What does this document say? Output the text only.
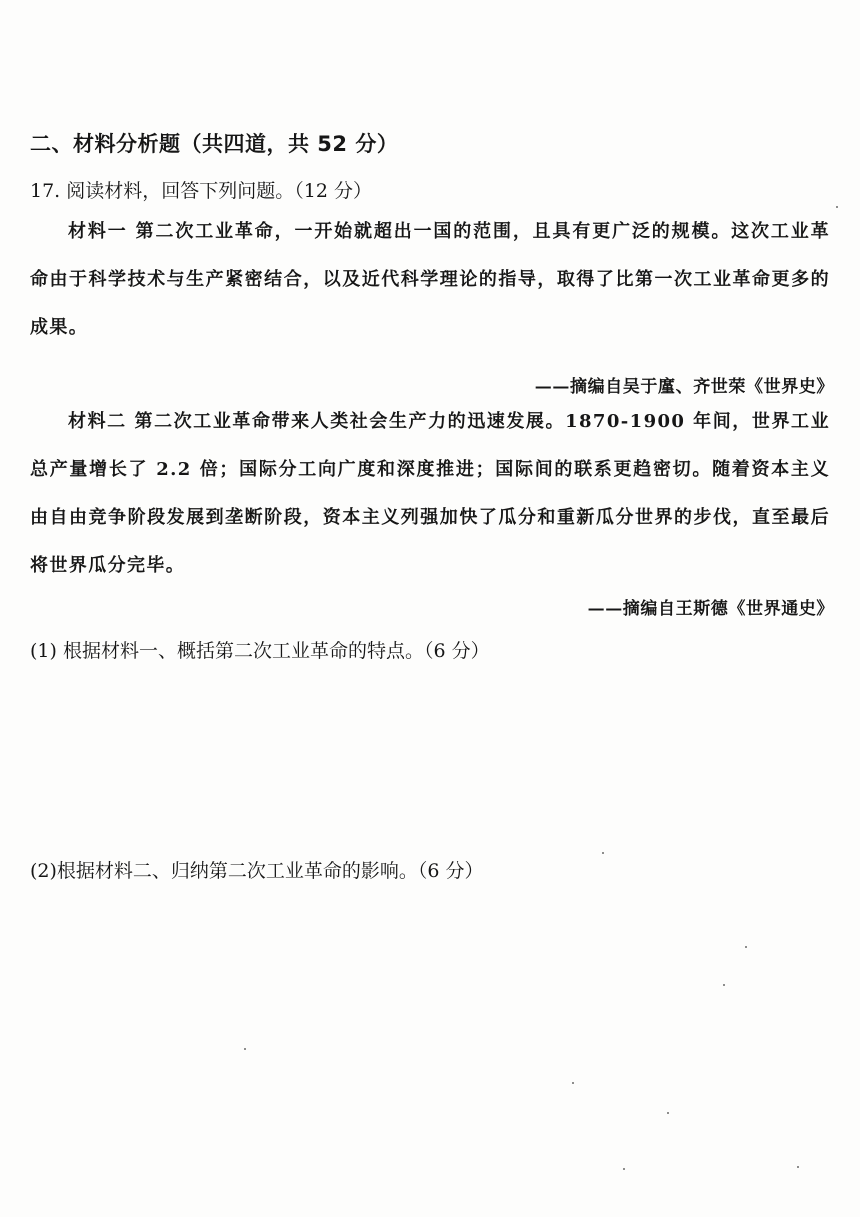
二、材料分析题（共四道，共 52 分）
17. 阅读材料，回答下列问题。（12 分）
材料一 第二次工业革命，一开始就超出一国的范围，且具有更广泛的规模。这次工业革命由于科学技术与生产紧密结合，以及近代科学理论的指导，取得了比第一次工业革命更多的成果。
——摘编自吴于廑、齐世荣《世界史》
材料二 第二次工业革命带来人类社会生产力的迅速发展。1870-1900 年间，世界工业总产量增长了 2.2 倍；国际分工向广度和深度推进；国际间的联系更趋密切。随着资本主义由自由竞争阶段发展到垄断阶段，资本主义列强加快了瓜分和重新瓜分世界的步伐，直至最后将世界瓜分完毕。
——摘编自王斯德《世界通史》
(1) 根据材料一、概括第二次工业革命的特点。（6 分）
(2)根据材料二、归纳第二次工业革命的影响。（6 分）
